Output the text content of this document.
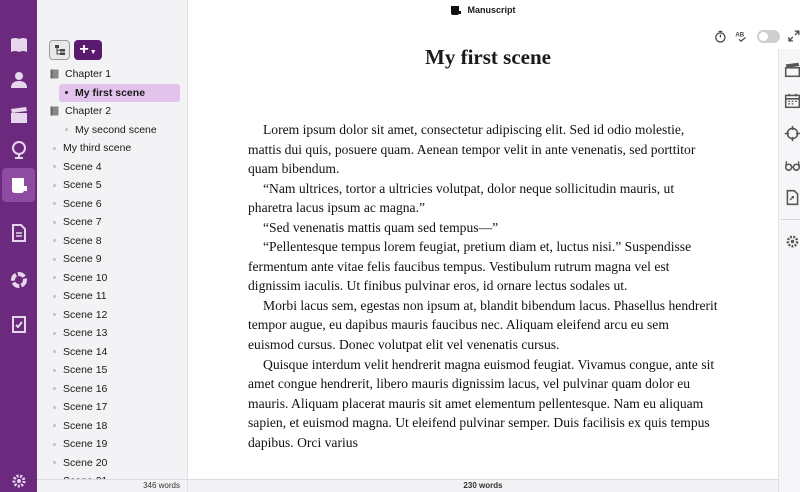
+ ▼
Chapter 1
My first scene
Chapter 2
My second scene
My third scene
Scene 4
Scene 5
Scene 6
Scene 7
Scene 8
Scene 9
Scene 10
Scene 11
Scene 12
Scene 13
Scene 14
Scene 15
Scene 16
Scene 17
Scene 18
Scene 19
Scene 20
346 words
Manuscript
My first scene

Lorem ipsum dolor sit amet, consectetur adipiscing elit. Sed id odio molestie, mattis dui quis, posuere quam. Aenean tempor velit in ante venenatis, sed porttitor quam bibendum.

“Nam ultrices, tortor a ultricies volutpat, dolor neque sollicitudin mauris, ut pharetra lacus ipsum ac magna.”

“Sed venenatis mattis quam sed tempus—”

“Pellentesque tempus lorem feugiat, pretium diam et, luctus nisi.” Suspendisse fermentum ante vitae felis faucibus tempus. Vestibulum rutrum magna vel est dignissim iaculis. Ut finibus pulvinar eros, id ornare lectus sodales ut.

Morbi lacus sem, egestas non ipsum at, blandit bibendum lacus. Phasellus hendrerit tempor augue, eu dapibus mauris faucibus nec. Aliquam eleifend arcu eu sem euismod cursus. Donec volutpat elit vel venenatis cursus.

Quisque interdum velit hendrerit magna euismod feugiat. Vivamus congue, ante sit amet congue hendrerit, libero mauris dignissim lacus, vel pulvinar quam dolor eu mauris. Aliquam placerat mauris sit amet elementum pellentesque. Nam eu aliquam sapien, et euismod magna. Ut eleifend pulvinar semper. Duis facilisis ex quis tempus dapibus. Orci varius

230 words
AB
